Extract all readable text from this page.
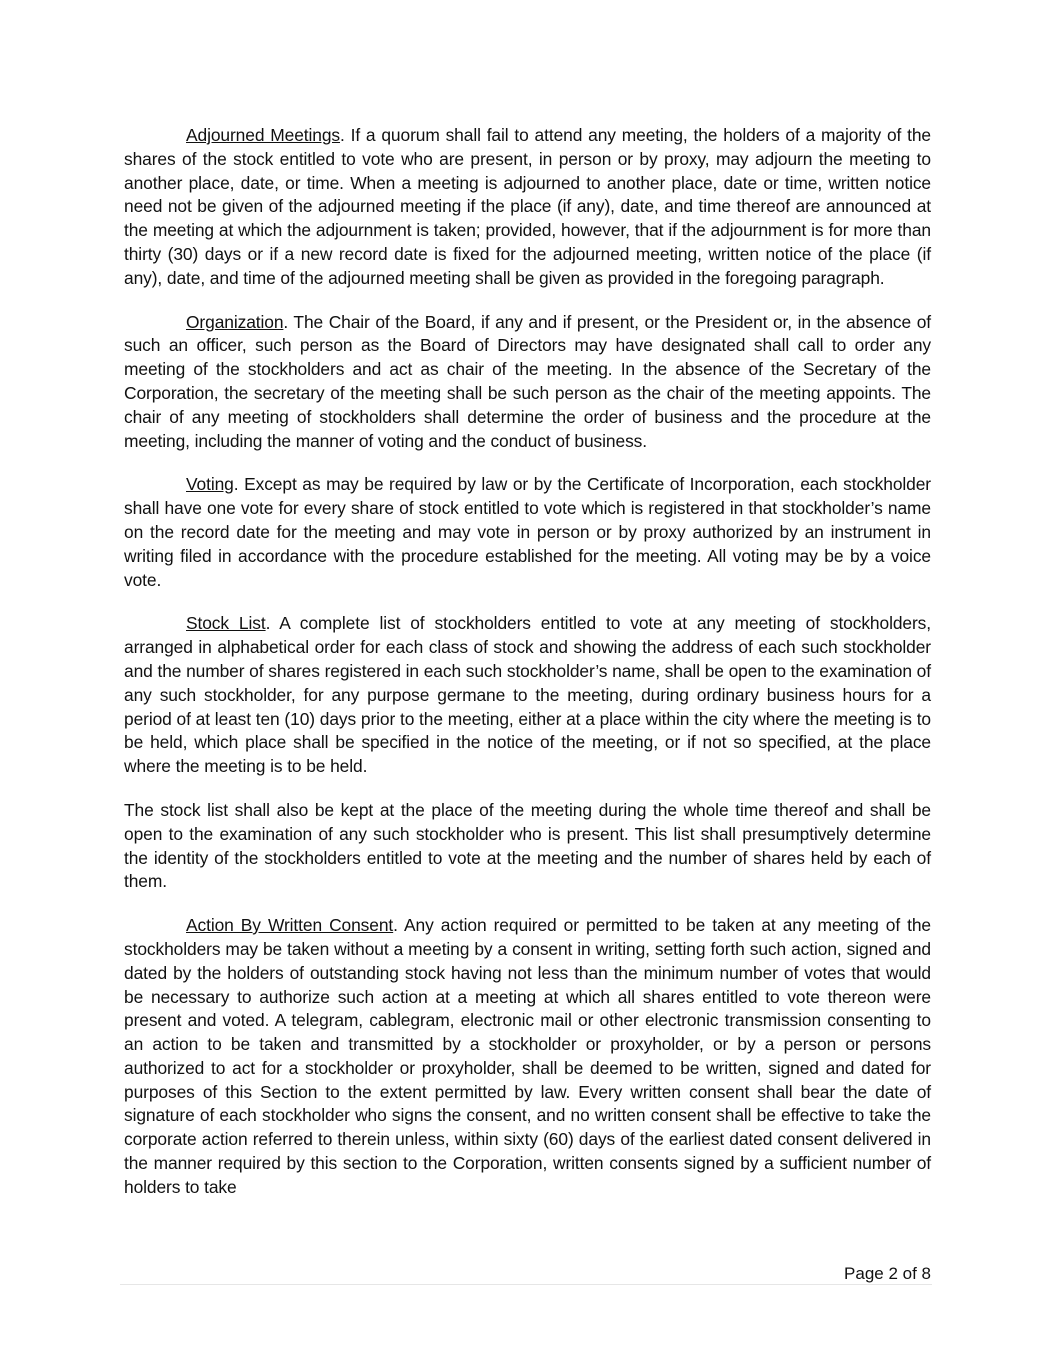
Adjourned Meetings. If a quorum shall fail to attend any meeting, the holders of a majority of the shares of the stock entitled to vote who are present, in person or by proxy, may adjourn the meeting to another place, date, or time. When a meeting is adjourned to another place, date or time, written notice need not be given of the adjourned meeting if the place (if any), date, and time thereof are announced at the meeting at which the adjournment is taken; provided, however, that if the adjournment is for more than thirty (30) days or if a new record date is fixed for the adjourned meeting, written notice of the place (if any), date, and time of the adjourned meeting shall be given as provided in the foregoing paragraph.

Organization. The Chair of the Board, if any and if present, or the President or, in the absence of such an officer, such person as the Board of Directors may have designated shall call to order any meeting of the stockholders and act as chair of the meeting. In the absence of the Secretary of the Corporation, the secretary of the meeting shall be such person as the chair of the meeting appoints. The chair of any meeting of stockholders shall determine the order of business and the procedure at the meeting, including the manner of voting and the conduct of business.

Voting. Except as may be required by law or by the Certificate of Incorporation, each stockholder shall have one vote for every share of stock entitled to vote which is registered in that stockholder’s name on the record date for the meeting and may vote in person or by proxy authorized by an instrument in writing filed in accordance with the procedure established for the meeting. All voting may be by a voice vote.

Stock List. A complete list of stockholders entitled to vote at any meeting of stockholders, arranged in alphabetical order for each class of stock and showing the address of each such stockholder and the number of shares registered in each such stockholder’s name, shall be open to the examination of any such stockholder, for any purpose germane to the meeting, during ordinary business hours for a period of at least ten (10) days prior to the meeting, either at a place within the city where the meeting is to be held, which place shall be specified in the notice of the meeting, or if not so specified, at the place where the meeting is to be held.

The stock list shall also be kept at the place of the meeting during the whole time thereof and shall be open to the examination of any such stockholder who is present. This list shall presumptively determine the identity of the stockholders entitled to vote at the meeting and the number of shares held by each of them.

Action By Written Consent. Any action required or permitted to be taken at any meeting of the stockholders may be taken without a meeting by a consent in writing, setting forth such action, signed and dated by the holders of outstanding stock having not less than the minimum number of votes that would be necessary to authorize such action at a meeting at which all shares entitled to vote thereon were present and voted. A telegram, cablegram, electronic mail or other electronic transmission consenting to an action to be taken and transmitted by a stockholder or proxyholder, or by a person or persons authorized to act for a stockholder or proxyholder, shall be deemed to be written, signed and dated for purposes of this Section to the extent permitted by law. Every written consent shall bear the date of signature of each stockholder who signs the consent, and no written consent shall be effective to take the corporate action referred to therein unless, within sixty (60) days of the earliest dated consent delivered in the manner required by this section to the Corporation, written consents signed by a sufficient number of holders to take

Page 2 of 8
